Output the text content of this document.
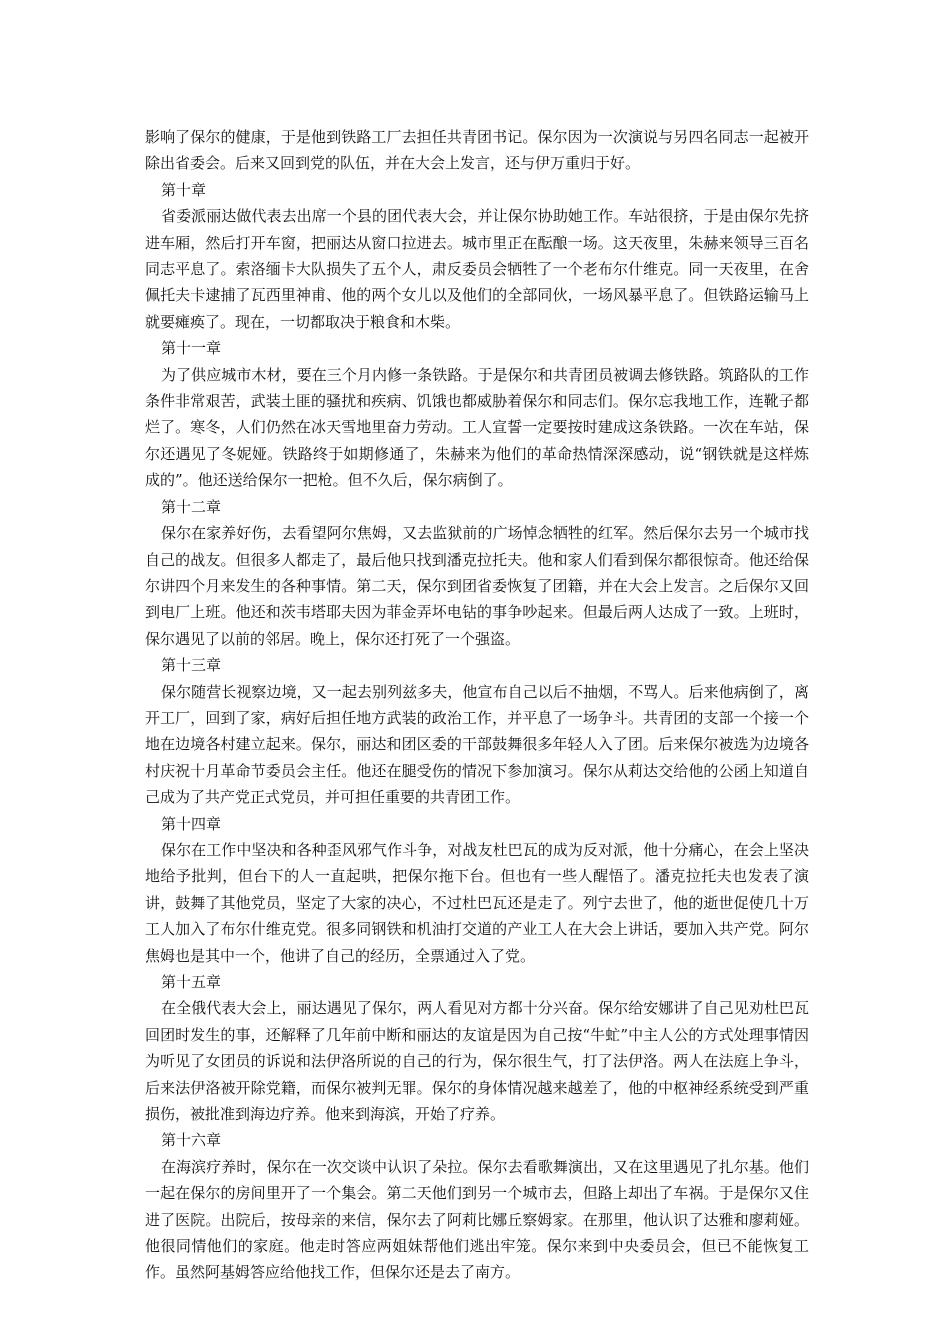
影响了保尔的健康，于是他到铁路工厂去担任共青团书记。保尔因为一次演说与另四名同志一起被开除出省委会。后来又回到党的队伍，并在大会上发言，还与伊万重归于好。

第十章

省委派丽达做代表去出席一个县的团代表大会，并让保尔协助她工作。车站很挤，于是由保尔先挤进车厢，然后打开车窗，把丽达从窗口拉进去。城市里正在酝酿一场。这天夜里，朱赫来领导三百名同志平息了。索洛缅卡大队损失了五个人，肃反委员会牺牲了一个老布尔什维克。同一天夜里，在舍佩托夫卡逮捕了瓦西里神甫、他的两个女儿以及他们的全部同伙，一场风暴平息了。但铁路运输马上就要瘫痪了。现在，一切都取决于粮食和木柴。

第十一章

为了供应城市木材，要在三个月内修一条铁路。于是保尔和共青团员被调去修铁路。筑路队的工作条件非常艰苦，武装土匪的骚扰和疾病、饥饿也都威胁着保尔和同志们。保尔忘我地工作，连靴子都烂了。寒冬，人们仍然在冰天雪地里奋力劳动。工人宣誓一定要按时建成这条铁路。一次在车站，保尔还遇见了冬妮娅。铁路终于如期修通了，朱赫来为他们的革命热情深深感动，说“钢铁就是这样炼成的”。他还送给保尔一把枪。但不久后，保尔病倒了。

第十二章

保尔在家养好伤，去看望阿尔焦姆，又去监狱前的广场悼念牺牲的红军。然后保尔去另一个城市找自己的战友。但很多人都走了，最后他只找到潘克拉托夫。他和家人们看到保尔都很惊奇。他还给保尔讲四个月来发生的各种事情。第二天，保尔到团省委恢复了团籍，并在大会上发言。之后保尔又回到电厂上班。他还和茨韦塔耶夫因为菲金弄坏电钻的事争吵起来。但最后两人达成了一致。上班时，保尔遇见了以前的邻居。晚上，保尔还打死了一个强盗。

第十三章

保尔随营长视察边境，又一起去别列兹多夫，他宣布自己以后不抽烟，不骂人。后来他病倒了，离开工厂，回到了家，病好后担任地方武装的政治工作，并平息了一场争斗。共青团的支部一个接一个地在边境各村建立起来。保尔，丽达和团区委的干部鼓舞很多年轻人入了团。后来保尔被选为边境各村庆祝十月革命节委员会主任。他还在腿受伤的情况下参加演习。保尔从莉达交给他的公函上知道自己成为了共产党正式党员，并可担任重要的共青团工作。

第十四章

保尔在工作中坚决和各种歪风邪气作斗争，对战友杜巴瓦的成为反对派，他十分痛心，在会上坚决地给予批判，但台下的人一直起哄，把保尔拖下台。但也有一些人醒悟了。潘克拉托夫也发表了演讲，鼓舞了其他党员，坚定了大家的决心，不过杜巴瓦还是走了。列宁去世了，他的逝世促使几十万工人加入了布尔什维克党。很多同钢铁和机油打交道的产业工人在大会上讲话，要加入共产党。阿尔焦姆也是其中一个，他讲了自己的经历，全票通过入了党。

第十五章

在全俄代表大会上，丽达遇见了保尔，两人看见对方都十分兴奋。保尔给安娜讲了自己见劝杜巴瓦回团时发生的事，还解释了几年前中断和丽达的友谊是因为自己按“牛虻”中主人公的方式处理事情因为听见了女团员的诉说和法伊洛所说的自己的行为，保尔很生气，打了法伊洛。两人在法庭上争斗，后来法伊洛被开除党籍，而保尔被判无罪。保尔的身体情况越来越差了，他的中枢神经系统受到严重损伤，被批准到海边疗养。他来到海滨，开始了疗养。

第十六章

在海滨疗养时，保尔在一次交谈中认识了朵拉。保尔去看歌舞演出，又在这里遇见了扎尔基。他们一起在保尔的房间里开了一个集会。第二天他们到另一个城市去，但路上却出了车祸。于是保尔又住进了医院。出院后，按母亲的来信，保尔去了阿莉比娜丘察姆家。在那里，他认识了达雅和廖莉娅。他很同情他们的家庭。他走时答应两姐妹帮他们逃出牢笼。保尔来到中央委员会，但已不能恢复工作。虽然阿基姆答应给他找工作，但保尔还是去了南方。
